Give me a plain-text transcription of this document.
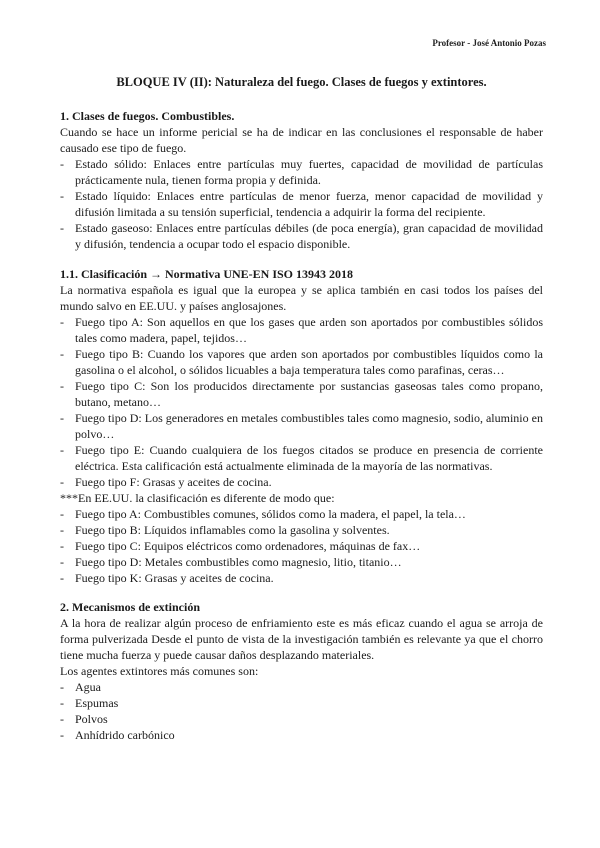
Profesor - José Antonio Pozas

BLOQUE IV (II): Naturaleza del fuego. Clases de fuegos y extintores.

1. Clases de fuegos. Combustibles.

Cuando se hace un informe pericial se ha de indicar en las conclusiones el responsable de haber causado ese tipo de fuego.

- Estado sólido: Enlaces entre partículas muy fuertes, capacidad de movilidad de partículas prácticamente nula, tienen forma propia y definida.
- Estado líquido: Enlaces entre partículas de menor fuerza, menor capacidad de movilidad y difusión limitada a su tensión superficial, tendencia a adquirir la forma del recipiente.
- Estado gaseoso: Enlaces entre partículas débiles (de poca energía), gran capacidad de movilidad y difusión, tendencia a ocupar todo el espacio disponible.

1.1. Clasificación → Normativa UNE-EN ISO 13943 2018

La normativa española es igual que la europea y se aplica también en casi todos los países del mundo salvo en EE.UU. y países anglosajones.

- Fuego tipo A: Son aquellos en que los gases que arden son aportados por combustibles sólidos tales como madera, papel, tejidos…
- Fuego tipo B: Cuando los vapores que arden son aportados por combustibles líquidos como la gasolina o el alcohol, o sólidos licuables a baja temperatura tales como parafinas, ceras…
- Fuego tipo C: Son los producidos directamente por sustancias gaseosas tales como propano, butano, metano…
- Fuego tipo D: Los generadores en metales combustibles tales como magnesio, sodio, aluminio en polvo…
- Fuego tipo E: Cuando cualquiera de los fuegos citados se produce en presencia de corriente eléctrica. Esta calificación está actualmente eliminada de la mayoría de las normativas.
- Fuego tipo F: Grasas y aceites de cocina.

***En EE.UU. la clasificación es diferente de modo que:

- Fuego tipo A: Combustibles comunes, sólidos como la madera, el papel, la tela…
- Fuego tipo B: Líquidos inflamables como la gasolina y solventes.
- Fuego tipo C: Equipos eléctricos como ordenadores, máquinas de fax…
- Fuego tipo D: Metales combustibles como magnesio, litio, titanio…
- Fuego tipo K: Grasas y aceites de cocina.

2. Mecanismos de extinción

A la hora de realizar algún proceso de enfriamiento este es más eficaz cuando el agua se arroja de forma pulverizada Desde el punto de vista de la investigación también es relevante ya que el chorro tiene mucha fuerza y puede causar daños desplazando materiales.

Los agentes extintores más comunes son:

- Agua
- Espumas
- Polvos
- Anhídrido carbónico
